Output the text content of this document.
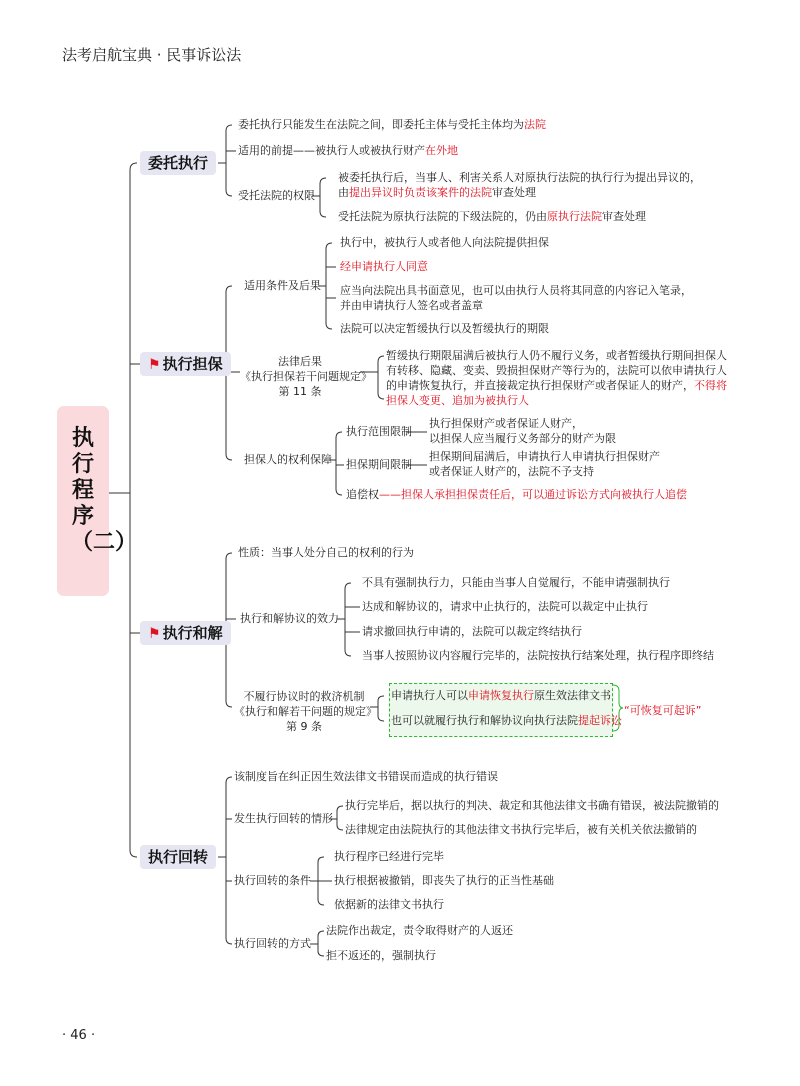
法考启航宝典 · 民事诉讼法
执行程序（二）
委托执行
委托执行只能发生在法院之间，即委托主体与受托主体均为法院
适用的前提——被执行人或被执行财产在外地
受托法院的权限
被委托执行后，当事人、利害关系人对原执行法院的执行行为提出异议的，
由提出异议时负责该案件的法院审查处理
受托法院为原执行法院的下级法院的，仍由原执行法院审查处理
⚑ 执行担保
适用条件及后果
执行中，被执行人或者他人向法院提供担保
经申请执行人同意
应当向法院出具书面意见，也可以由执行人员将其同意的内容记入笔录，
并由申请执行人签名或者盖章
法院可以决定暂缓执行以及暂缓执行的期限
法律后果
《执行担保若干问题规定》
第 11 条
暂缓执行期限届满后被执行人仍不履行义务，或者暂缓执行期间担保人
有转移、隐藏、变卖、毁损担保财产等行为的，法院可以依申请执行人
的申请恢复执行，并直接裁定执行担保财产或者保证人的财产，不得将
担保人变更、追加为被执行人
担保人的权利保障
执行范围限制
执行担保财产或者保证人财产，
以担保人应当履行义务部分的财产为限
担保期间限制
担保期间届满后，申请执行人申请执行担保财产
或者保证人财产的，法院不予支持
追偿权——担保人承担担保责任后，可以通过诉讼方式向被执行人追偿
⚑ 执行和解
性质：当事人处分自己的权利的行为
执行和解协议的效力
不具有强制执行力，只能由当事人自觉履行，不能申请强制执行
达成和解协议的，请求中止执行的，法院可以裁定中止执行
请求撤回执行申请的，法院可以裁定终结执行
当事人按照协议内容履行完毕的，法院按执行结案处理，执行程序即终结
不履行协议时的救济机制
《执行和解若干问题的规定》
第 9 条
申请执行人可以申请恢复执行原生效法律文书
也可以就履行执行和解协议向执行法院提起诉讼
“可恢复可起诉”
执行回转
该制度旨在纠正因生效法律文书错误而造成的执行错误
发生执行回转的情形
执行完毕后，据以执行的判决、裁定和其他法律文书确有错误，被法院撤销的
法律规定由法院执行的其他法律文书执行完毕后，被有关机关依法撤销的
执行回转的条件
执行程序已经进行完毕
执行根据被撤销，即丧失了执行的正当性基础
依据新的法律文书执行
执行回转的方式
法院作出裁定，责令取得财产的人返还
拒不返还的，强制执行
· 46 ·
